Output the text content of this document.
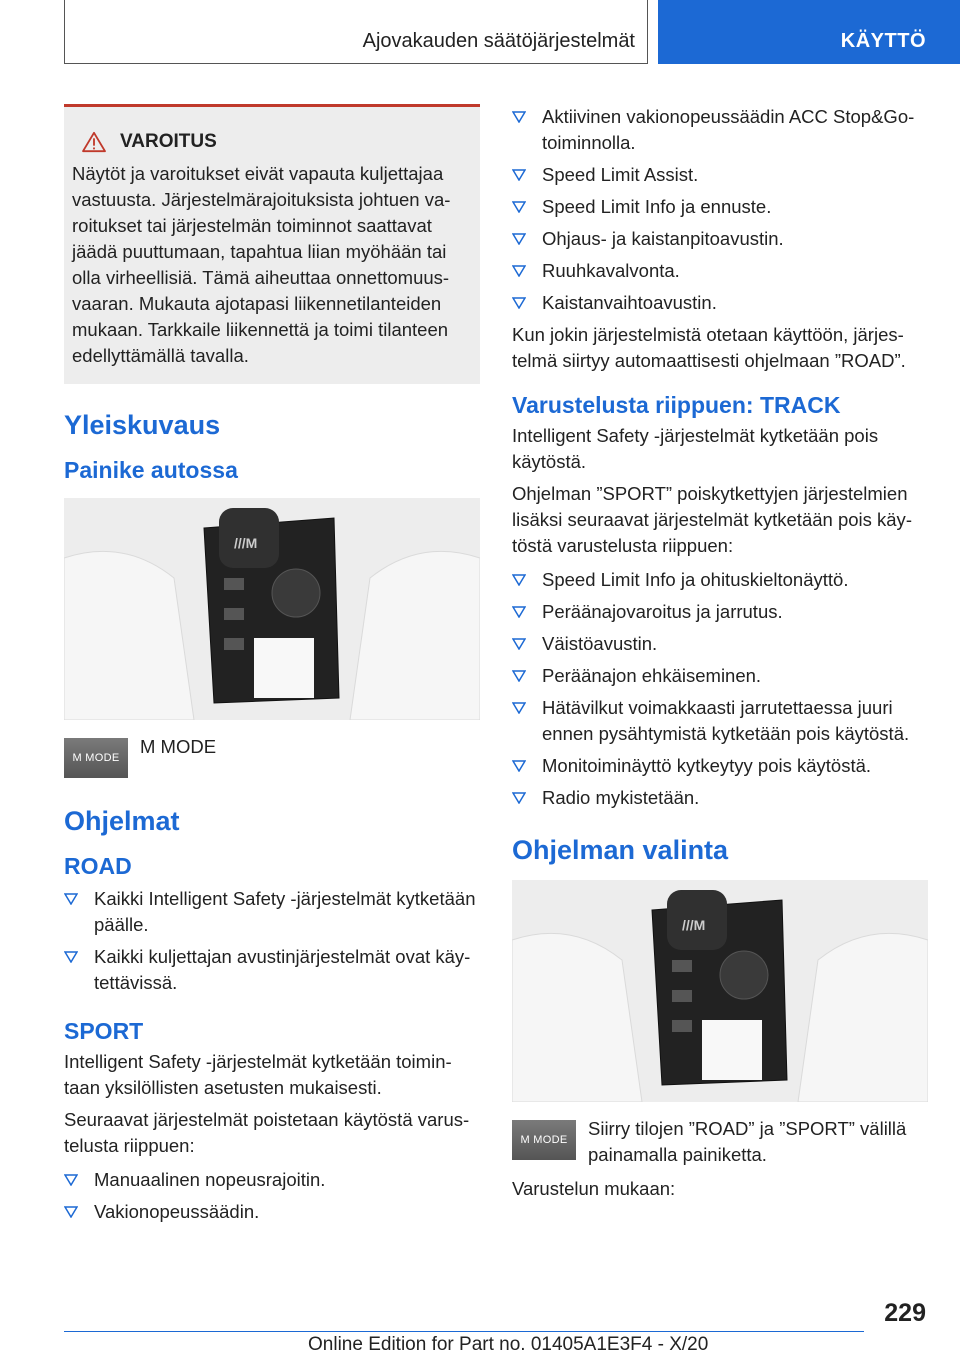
Ajovakauden säätöjärjestelmät	KÄYTTÖ
VAROITUS
Näytöt ja varoitukset eivät vapauta kuljettajaa vastuusta. Järjestelmärajoituksista johtuen varoitukset tai järjestelmän toiminnot saattavat jäädä puuttumaan, tapahtua liian myöhään tai olla virheellisiä. Tämä aiheuttaa onnettomuusvaaran. Mukauta ajotapasi liikennetilanteiden mukaan. Tarkkaile liikennettä ja toimi tilanteen edellyttämällä tavalla.
Yleiskuvaus
Painike autossa
///M
M MODE

M MODE

Ohjelmat
ROAD
Kaikki Intelligent Safety -järjestelmät kytketään päälle.
Kaikki kuljettajan avustinjärjestelmät ovat käytettävissä.
SPORT

Intelligent Safety -järjestelmät kytketään toimintaan yksilöllisten asetusten mukaisesti.

Seuraavat järjestelmät poistetaan käytöstä varustelusta riippuen:

Manuaalinen nopeusrajoitin.
Vakionopeussäädin.
Aktiivinen vakionopeussäädin ACC Stop&Go-toiminnolla.
Speed Limit Assist.
Speed Limit Info ja ennuste.
Ohjaus- ja kaistanpitoavustin.
Ruuhkavalvonta.
Kaistanvaihtoavustin.

Kun jokin järjestelmistä otetaan käyttöön, järjestelmä siirtyy automaattisesti ohjelmaan ”ROAD”.

Varustelusta riippuen: TRACK

Intelligent Safety -järjestelmät kytketään pois käytöstä.

Ohjelman ”SPORT” poiskytkettyjen järjestelmien lisäksi seuraavat järjestelmät kytketään pois käytöstä varustelusta riippuen:

Speed Limit Info ja ohituskieltonäyttö.
Peräänajovaroitus ja jarrutus.
Väistöavustin.
Peräänajon ehkäiseminen.
Hätävilkut voimakkaasti jarrutettaessa juuri ennen pysähtymistä kytketään pois käytöstä.
Monitoiminäyttö kytkeytyy pois käytöstä.
Radio mykistetään.
Ohjelman valinta
///M
M MODE

Siirry tilojen ”ROAD” ja ”SPORT” välillä painamalla painiketta.

Varustelun mukaan:

229
Online Edition for Part no. 01405A1E3F4 - X/20
